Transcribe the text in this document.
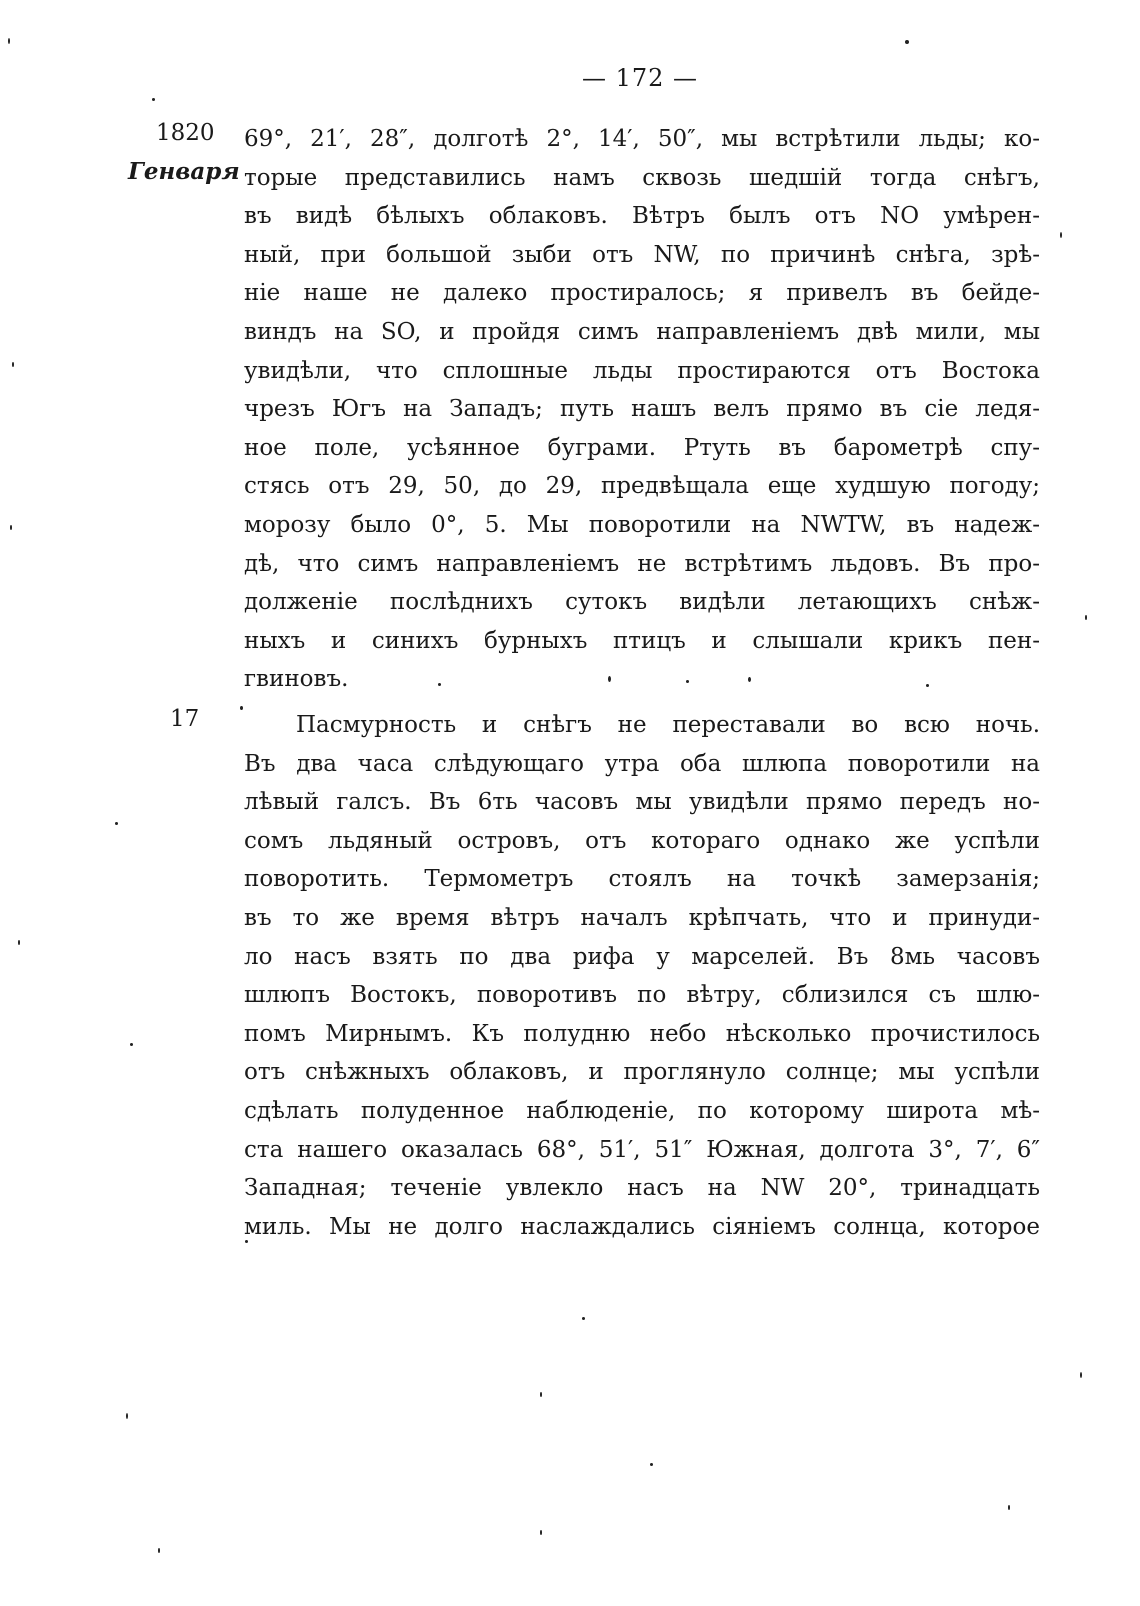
— 172 —
1820
Генваря
17
69°, 21′, 28″, долготѣ 2°, 14′, 50″, мы встрѣтили льды; ко-
торые представились намъ сквозь шедшій тогда снѣгъ,
въ видѣ бѣлыхъ облаковъ. Вѣтръ былъ отъ NO умѣрен-
ный, при большой зыби отъ NW, по причинѣ снѣга, зрѣ-
ніе наше не далеко простиралось; я привелъ въ бейде-
виндъ на SO, и пройдя симъ направленіемъ двѣ мили, мы
увидѣли, что сплошные льды простираются отъ Востока
чрезъ Югъ на Западъ; путь нашъ велъ прямо въ сіе ледя-
ное поле, усѣянное буграми. Ртуть въ барометрѣ спу-
стясь отъ 29, 50, до 29, предвѣщала еще худшую погоду;
морозу было 0°, 5. Мы поворотили на NWTW, въ надеж-
дѣ, что симъ направленіемъ не встрѣтимъ льдовъ. Въ про-
долженіе послѣднихъ сутокъ видѣли летающихъ снѣж-
ныхъ и синихъ бурныхъ птицъ и слышали крикъ пен-
гвиновъ.
Пасмурность и снѣгъ не переставали во всю ночь.
Въ два часа слѣдующаго утра оба шлюпа поворотили на
лѣвый галсъ. Въ 6ть часовъ мы увидѣли прямо передъ но-
сомъ льдяный островъ, отъ котораго однако же успѣли
поворотить. Термометръ стоялъ на точкѣ замерзанія;
въ то же время вѣтръ началъ крѣпчать, что и принуди-
ло насъ взять по два рифа у марселей. Въ 8мь часовъ
шлюпъ Востокъ, поворотивъ по вѣтру, сблизился съ шлю-
помъ Мирнымъ. Къ полудню небо нѣсколько прочистилось
отъ снѣжныхъ облаковъ, и проглянуло солнце; мы успѣли
сдѣлать полуденное наблюденіе, по которому широта мѣ-
ста нашего оказалась 68°, 51′, 51″ Южная, долгота 3°, 7′, 6″
Западная; теченіе увлекло насъ на NW 20°, тринадцать
миль. Мы не долго наслаждались сіяніемъ солнца, которое
